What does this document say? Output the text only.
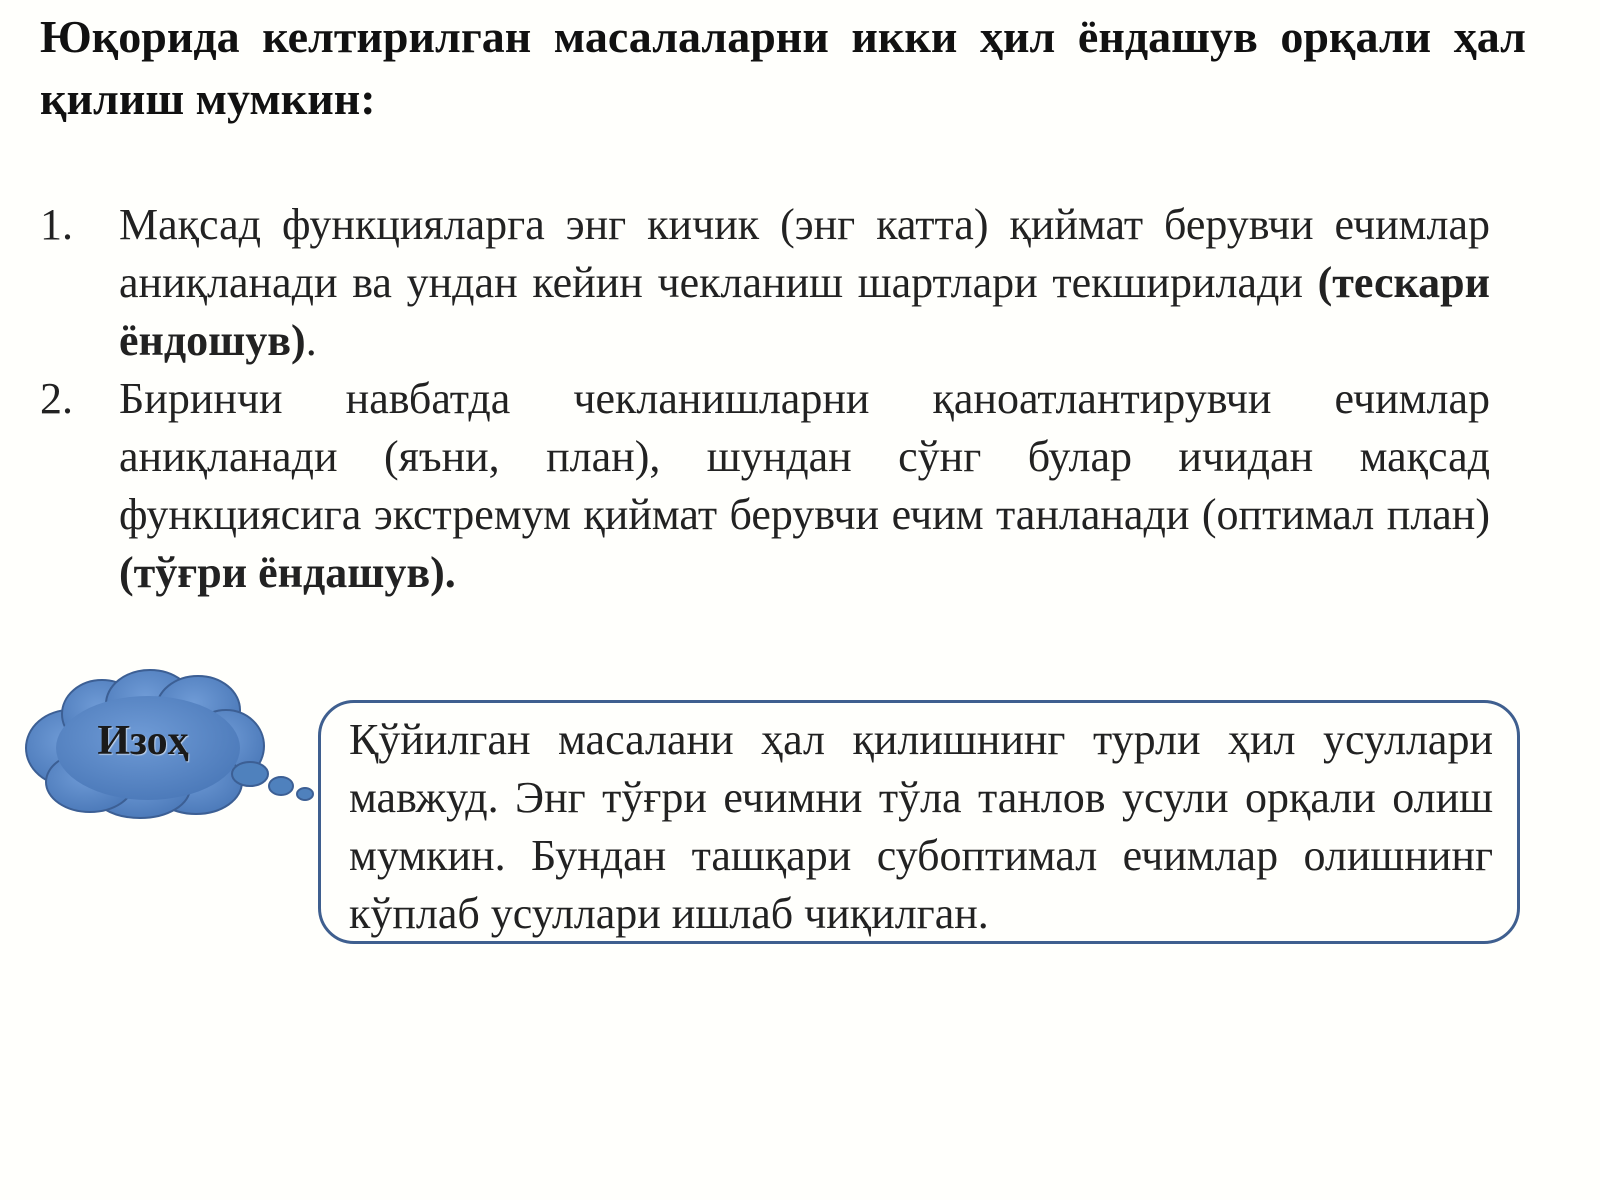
Юқорида келтирилган масалаларни икки ҳил ёндашув орқали ҳал қилиш мумкин:
1. Мақсад функцияларга энг кичик (энг катта) қиймат берувчи ечимлар аниқланади ва ундан кейин чекланиш шартлари текширилади (тескари ёндошув).
2. Биринчи навбатда чекланишларни қаноатлантирувчи ечимлар аниқланади (яъни, план), шундан сўнг булар ичидан мақсад функциясига экстремум қиймат берувчи ечим танланади (оптимал план) (тўғри ёндашув).
Изоҳ	Қўйилган масалани ҳал қилишнинг турли ҳил усуллари мавжуд. Энг тўғри ечимни тўла танлов усули орқали олиш мумкин. Бундан ташқари субоптимал ечимлар олишнинг кўплаб усуллари ишлаб чиқилган.
